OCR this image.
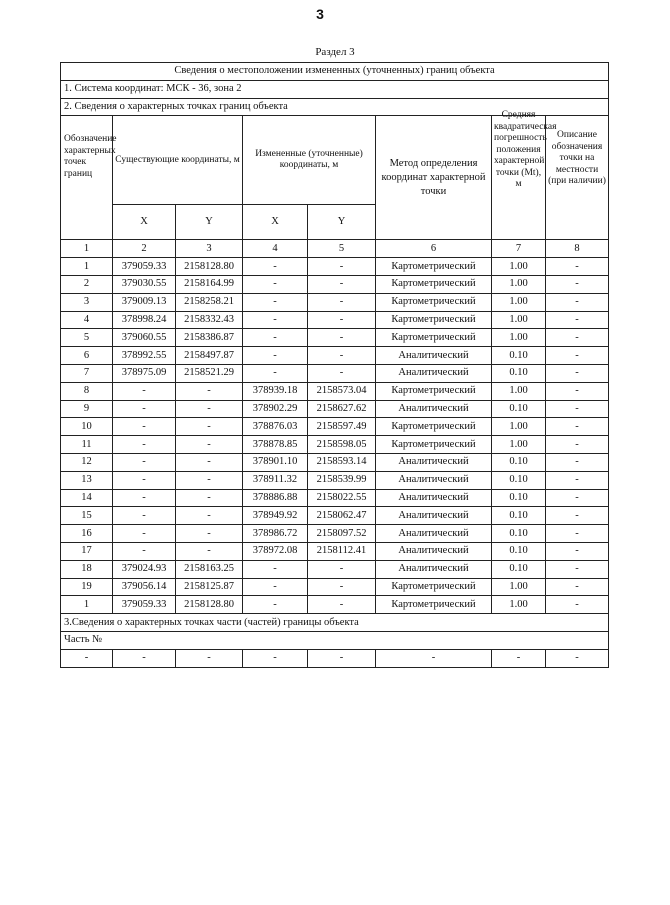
3
Раздел 3
Сведения о местоположении измененных (уточненных) границ объекта							
1. Система координат: МСК - 36, зона 2							
2. Сведения о характерных точках границ объекта							
Обозначение характерных точек границ	Существующие координаты, м		Измененные (уточненные) координаты, м		Метод определения координат характерной точки	Средняя квадратическая погрешность положения характерной точки (Mt), м	Описание обозначения точки на местности (при наличии)
	X	Y	X	Y			
1	2	3	4	5	6	7	8
1	379059.33	2158128.80	-	-	Картометрический	1.00	-
2	379030.55	2158164.99	-	-	Картометрический	1.00	-
3	379009.13	2158258.21	-	-	Картометрический	1.00	-
4	378998.24	2158332.43	-	-	Картометрический	1.00	-
5	379060.55	2158386.87	-	-	Картометрический	1.00	-
6	378992.55	2158497.87	-	-	Аналитический	0.10	-
7	378975.09	2158521.29	-	-	Аналитический	0.10	-
8	-	-	378939.18	2158573.04	Картометрический	1.00	-
9	-	-	378902.29	2158627.62	Аналитический	0.10	-
10	-	-	378876.03	2158597.49	Картометрический	1.00	-
11	-	-	378878.85	2158598.05	Картометрический	1.00	-
12	-	-	378901.10	2158593.14	Аналитический	0.10	-
13	-	-	378911.32	2158539.99	Аналитический	0.10	-
14	-	-	378886.88	2158022.55	Аналитический	0.10	-
15	-	-	378949.92	2158062.47	Аналитический	0.10	-
16	-	-	378986.72	2158097.52	Аналитический	0.10	-
17	-	-	378972.08	2158112.41	Аналитический	0.10	-
18	379024.93	2158163.25	-	-	Аналитический	0.10	-
19	379056.14	2158125.87	-	-	Картометрический	1.00	-
1	379059.33	2158128.80	-	-	Картометрический	1.00	-
3.Сведения о характерных точках части (частей) границы объекта							
Часть №							
-	-	-	-	-	-	-	-
